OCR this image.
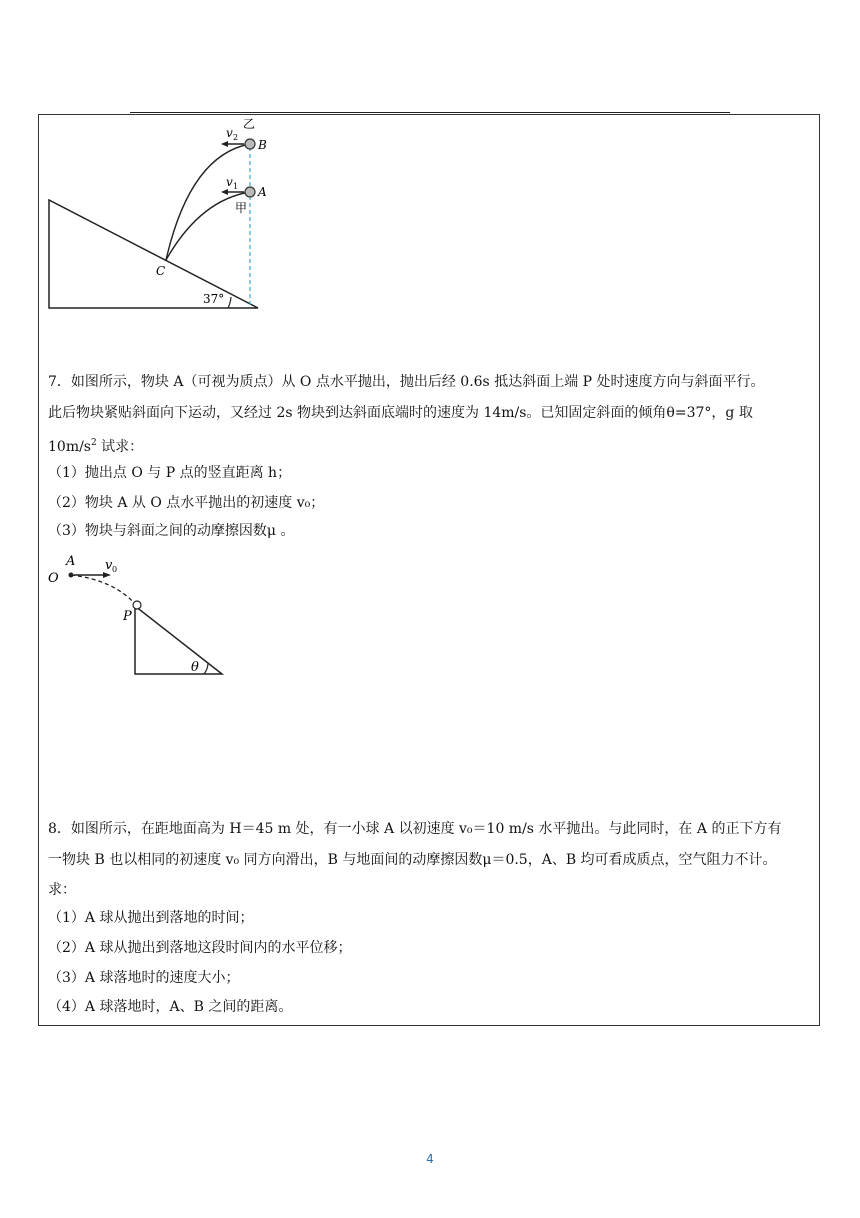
乙
v 2
B
v 1 A
甲
C
37°
7．如图所示，物块 A（可视为质点）从 O 点水平抛出，抛出后经 0.6s 抵达斜面上端 P 处时速度方向与斜面平行。
此后物块紧贴斜面向下运动，又经过 2s 物块到达斜面底端时的速度为 14m/s。已知固定斜面的倾角θ=37°，g 取
$10m/s^2$ 试求：
（1）抛出点 O 与 P 点的竖直距离 h；
（2）物块 A 从 O 点水平抛出的初速度 v₀；
（3）物块与斜面之间的动摩擦因数μ 。
A
O
v 0
P
θ
8．如图所示，在距地面高为 H＝45 m 处，有一小球 A 以初速度 v₀＝10 m/s 水平抛出。与此同时，在 A 的正下方有
一物块 B 也以相同的初速度 v₀ 同方向滑出，B 与地面间的动摩擦因数μ＝0.5，A、B 均可看成质点，空气阻力不计。
求：
（1）A 球从抛出到落地的时间；
（2）A 球从抛出到落地这段时间内的水平位移；
（3）A 球落地时的速度大小；
（4）A 球落地时，A、B 之间的距离。
4
